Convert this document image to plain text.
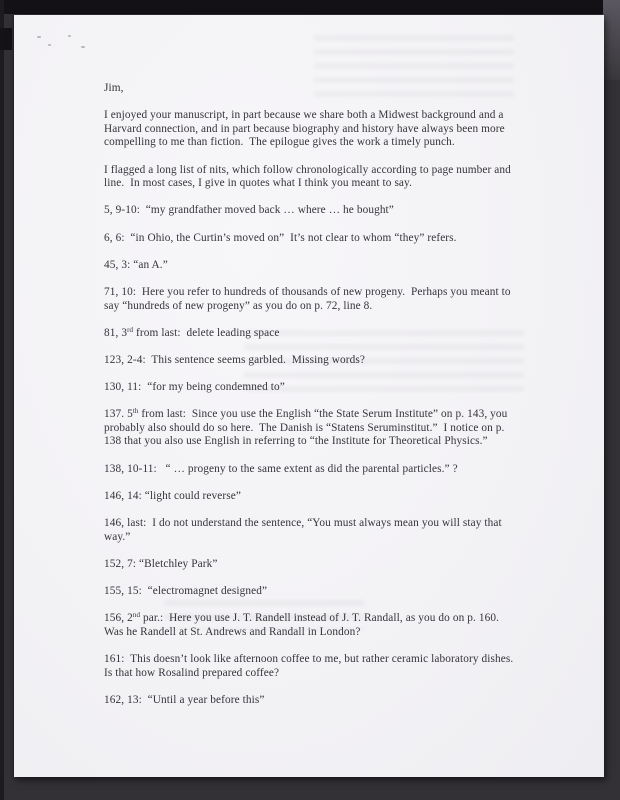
Jim,
I enjoyed your manuscript, in part because we share both a Midwest background and a
Harvard connection, and in part because biography and history have always been more
compelling to me than fiction.  The epilogue gives the work a timely punch.
I flagged a long list of nits, which follow chronologically according to page number and
line.  In most cases, I give in quotes what I think you meant to say.
5, 9-10:  “my grandfather moved back … where … he bought”
6, 6:  “in Ohio, the Curtin’s moved on”  It’s not clear to whom “they” refers.
45, 3: “an A.”
71, 10:  Here you refer to hundreds of thousands of new progeny.  Perhaps you meant to
say “hundreds of new progeny” as you do on p. 72, line 8.
81, 3rd from last:  delete leading space
123, 2-4:  This sentence seems garbled.  Missing words?
130, 11:  “for my being condemned to”
137. 5th from last:  Since you use the English “the State Serum Institute” on p. 143, you
probably also should do so here.  The Danish is “Statens Seruminstitut.”  I notice on p.
138 that you also use English in referring to “the Institute for Theoretical Physics.”
138, 10-11:   “ … progeny to the same extent as did the parental particles.” ?
146, 14: “light could reverse”
146, last:  I do not understand the sentence, “You must always mean you will stay that
way.”
152, 7: “Bletchley Park”
155, 15:  “electromagnet designed”
156, 2nd par.:  Here you use J. T. Randell instead of J. T. Randall, as you do on p. 160.
Was he Randell at St. Andrews and Randall in London?
161:  This doesn’t look like afternoon coffee to me, but rather ceramic laboratory dishes.
Is that how Rosalind prepared coffee?
162, 13:  “Until a year before this”
